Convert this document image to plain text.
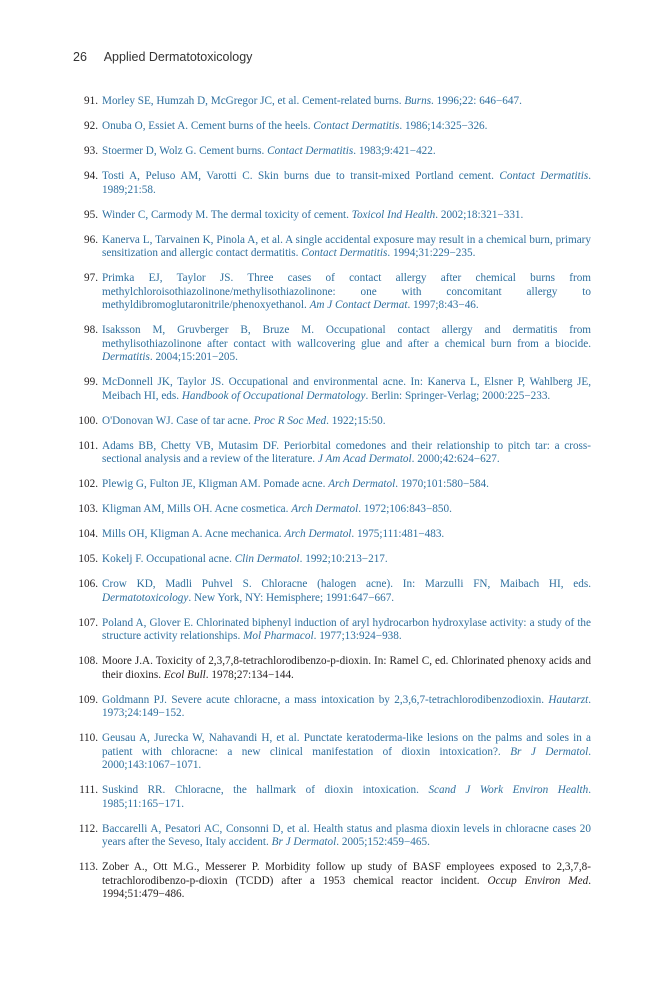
26 Applied Dermatotoxicology
91. Morley SE, Humzah D, McGregor JC, et al. Cement-related burns. Burns. 1996;22: 646−647.
92. Onuba O, Essiet A. Cement burns of the heels. Contact Dermatitis. 1986;14:325−326.
93. Stoermer D, Wolz G. Cement burns. Contact Dermatitis. 1983;9:421−422.
94. Tosti A, Peluso AM, Varotti C. Skin burns due to transit-mixed Portland cement. Contact Dermatitis. 1989;21:58.
95. Winder C, Carmody M. The dermal toxicity of cement. Toxicol Ind Health. 2002;18:321−331.
96. Kanerva L, Tarvainen K, Pinola A, et al. A single accidental exposure may result in a chemical burn, primary sensitization and allergic contact dermatitis. Contact Dermatitis. 1994;31:229−235.
97. Primka EJ, Taylor JS. Three cases of contact allergy after chemical burns from methylchloroisothiazolinone/methylisothiazolinone: one with concomitant allergy to methyldibromoglutaronitrile/phenoxyethanol. Am J Contact Dermat. 1997;8:43−46.
98. Isaksson M, Gruvberger B, Bruze M. Occupational contact allergy and dermatitis from methylisothiazolinone after contact with wallcovering glue and after a chemical burn from a biocide. Dermatitis. 2004;15:201−205.
99. McDonnell JK, Taylor JS. Occupational and environmental acne. In: Kanerva L, Elsner P, Wahlberg JE, Meibach HI, eds. Handbook of Occupational Dermatology. Berlin: Springer-Verlag; 2000:225−233.
100. O'Donovan WJ. Case of tar acne. Proc R Soc Med. 1922;15:50.
101. Adams BB, Chetty VB, Mutasim DF. Periorbital comedones and their relationship to pitch tar: a cross-sectional analysis and a review of the literature. J Am Acad Dermatol. 2000;42:624−627.
102. Plewig G, Fulton JE, Kligman AM. Pomade acne. Arch Dermatol. 1970;101:580−584.
103. Kligman AM, Mills OH. Acne cosmetica. Arch Dermatol. 1972;106:843−850.
104. Mills OH, Kligman A. Acne mechanica. Arch Dermatol. 1975;111:481−483.
105. Kokelj F. Occupational acne. Clin Dermatol. 1992;10:213−217.
106. Crow KD, Madli Puhvel S. Chloracne (halogen acne). In: Marzulli FN, Maibach HI, eds. Dermatotoxicology. New York, NY: Hemisphere; 1991:647−667.
107. Poland A, Glover E. Chlorinated biphenyl induction of aryl hydrocarbon hydroxylase activity: a study of the structure activity relationships. Mol Pharmacol. 1977;13:924−938.
108. Moore J.A. Toxicity of 2,3,7,8-tetrachlorodibenzo-p-dioxin. In: Ramel C, ed. Chlorinated phenoxy acids and their dioxins. Ecol Bull. 1978;27:134−144.
109. Goldmann PJ. Severe acute chloracne, a mass intoxication by 2,3,6,7-tetrachlorodibenzodioxin. Hautarzt. 1973;24:149−152.
110. Geusau A, Jurecka W, Nahavandi H, et al. Punctate keratoderma-like lesions on the palms and soles in a patient with chloracne: a new clinical manifestation of dioxin intoxication?. Br J Dermatol. 2000;143:1067−1071.
111. Suskind RR. Chloracne, the hallmark of dioxin intoxication. Scand J Work Environ Health. 1985;11:165−171.
112. Baccarelli A, Pesatori AC, Consonni D, et al. Health status and plasma dioxin levels in chloracne cases 20 years after the Seveso, Italy accident. Br J Dermatol. 2005;152:459−465.
113. Zober A., Ott M.G., Messerer P. Morbidity follow up study of BASF employees exposed to 2,3,7,8-tetrachlorodibenzo-p-dioxin (TCDD) after a 1953 chemical reactor incident. Occup Environ Med. 1994;51:479−486.
